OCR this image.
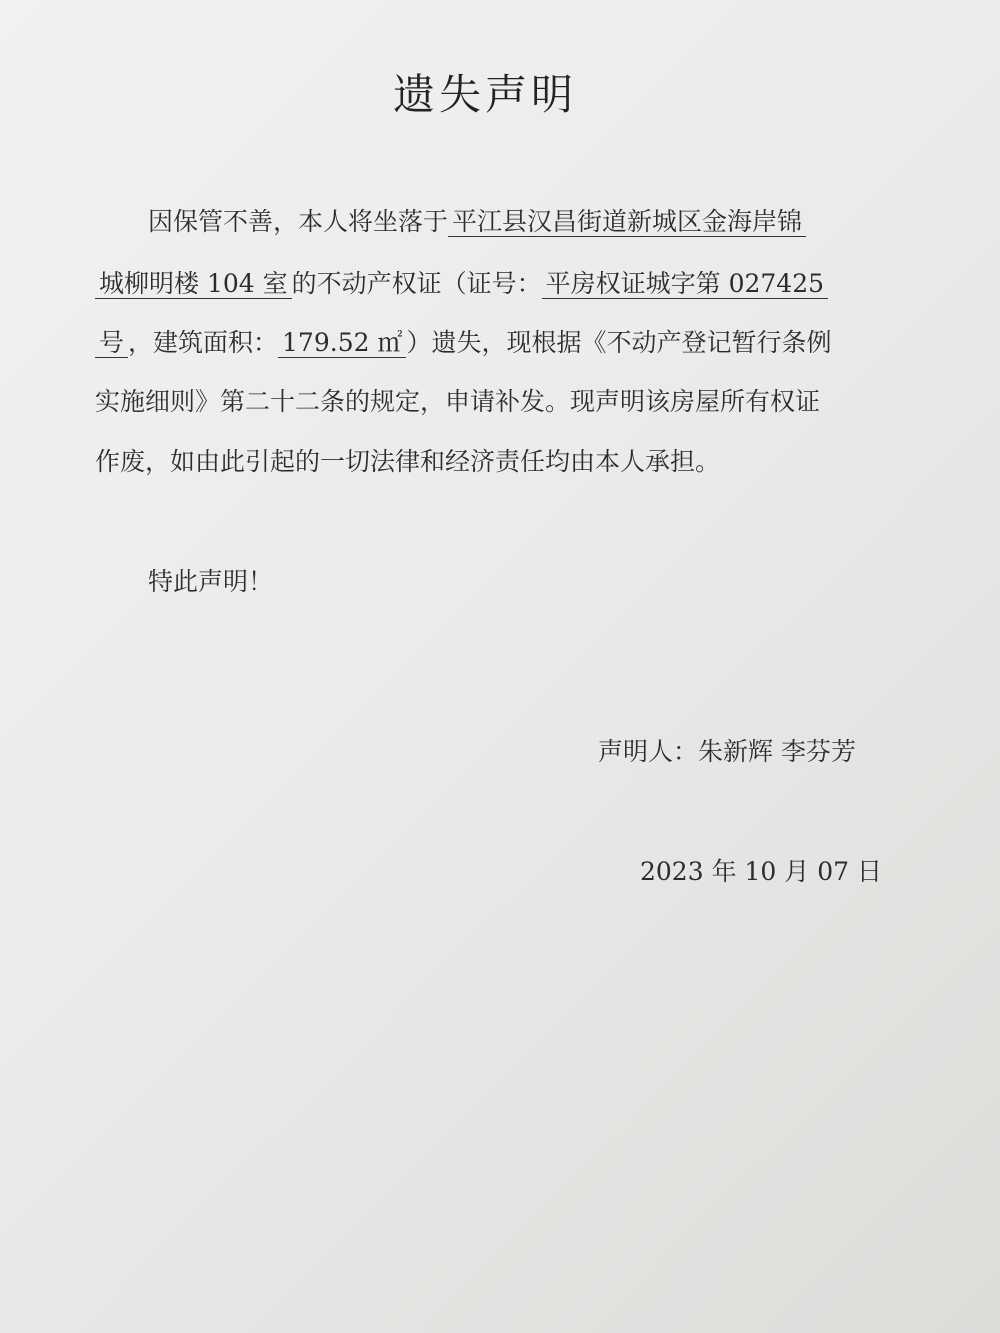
遗失声明
因保管不善，本人将坐落于 平江县汉昌街道新城区金海岸锦
城柳明楼 104 室 的不动产权证（证号： 平房权证城字第 027425
号 ，建筑面积： 179.52 ㎡ ）遗失，现根据《不动产登记暂行条例
实施细则》第二十二条的规定，申请补发。现声明该房屋所有权证
作废，如由此引起的一切法律和经济责任均由本人承担。
特此声明！
声明人：朱新辉 李芬芳
2023 年 10 月 07 日
